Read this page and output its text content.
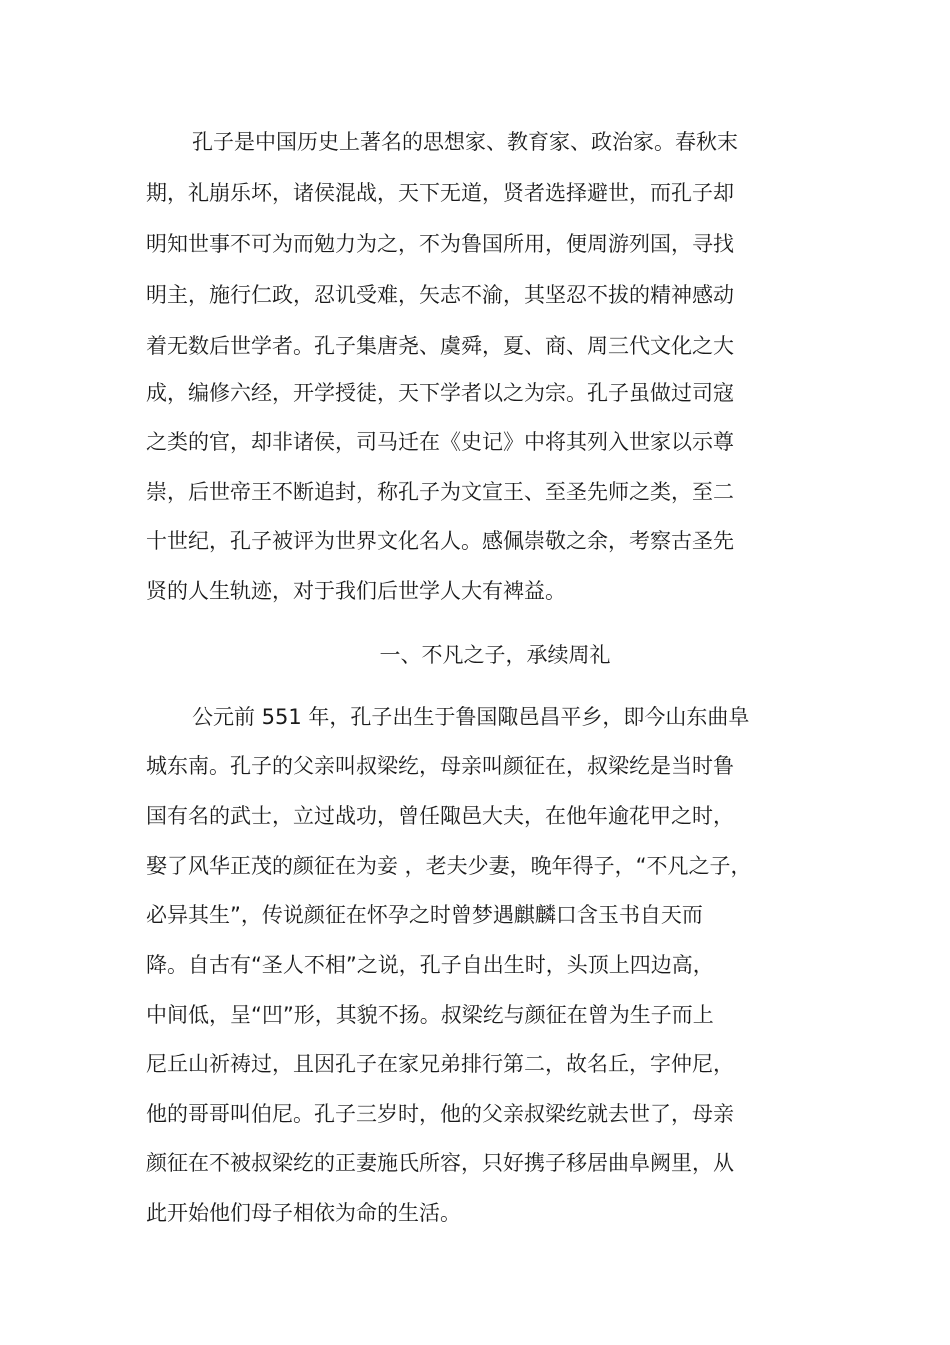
孔子是中国历史上著名的思想家、教育家、政治家。春秋末
期，礼崩乐坏，诸侯混战，天下无道，贤者选择避世，而孔子却
明知世事不可为而勉力为之，不为鲁国所用，便周游列国，寻找
明主，施行仁政，忍讥受难，矢志不渝，其坚忍不拔的精神感动
着无数后世学者。孔子集唐尧、虞舜，夏、商、周三代文化之大
成，编修六经，开学授徒，天下学者以之为宗。孔子虽做过司寇
之类的官，却非诸侯，司马迁在《史记》中将其列入世家以示尊
崇，后世帝王不断追封，称孔子为文宣王、至圣先师之类，至二
十世纪，孔子被评为世界文化名人。感佩崇敬之余，考察古圣先
贤的人生轨迹，对于我们后世学人大有裨益。
一、不凡之子，承续周礼
公元前 551 年，孔子出生于鲁国陬邑昌平乡，即今山东曲阜
城东南。孔子的父亲叫叔梁纥，母亲叫颜征在，叔梁纥是当时鲁
国有名的武士，立过战功，曾任陬邑大夫，在他年逾花甲之时，
娶了风华正茂的颜征在为妾 ，老夫少妻，晚年得子，“不凡之子，
必异其生”，传说颜征在怀孕之时曾梦遇麒麟口含玉书自天而
降。自古有“圣人不相”之说，孔子自出生时，头顶上四边高，
中间低，呈“凹”形，其貌不扬。叔梁纥与颜征在曾为生子而上
尼丘山祈祷过，且因孔子在家兄弟排行第二，故名丘，字仲尼，
他的哥哥叫伯尼。孔子三岁时，他的父亲叔梁纥就去世了，母亲
颜征在不被叔梁纥的正妻施氏所容，只好携子移居曲阜阙里，从
此开始他们母子相依为命的生活。
